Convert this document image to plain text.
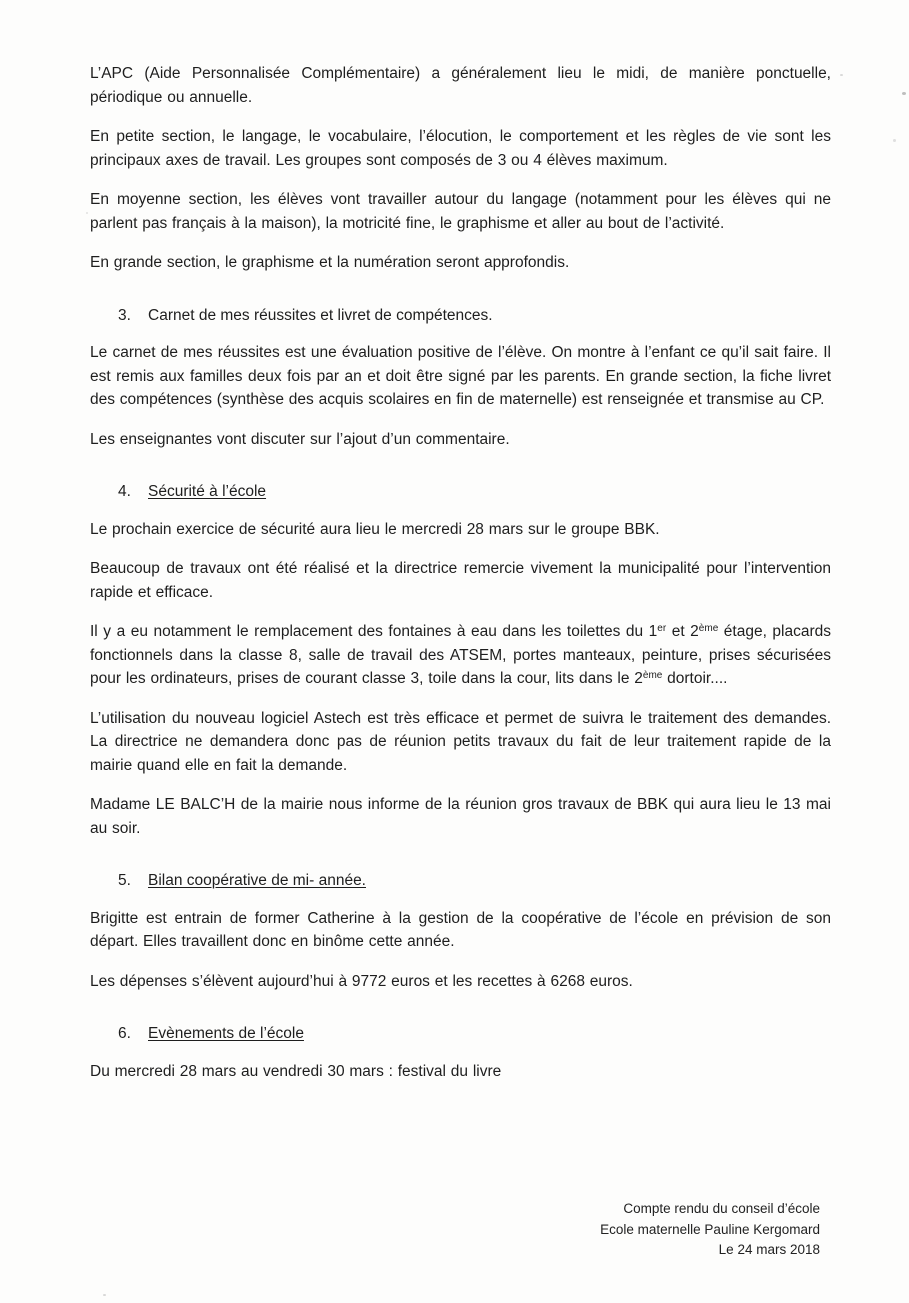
L’APC (Aide Personnalisée Complémentaire) a généralement lieu le midi, de manière ponctuelle, périodique ou annuelle.

En petite section, le langage, le vocabulaire, l’élocution, le comportement et les règles de vie sont les principaux axes de travail. Les groupes sont composés de 3 ou 4 élèves maximum.

En moyenne section, les élèves vont travailler autour du langage (notamment pour les élèves qui ne parlent pas français à la maison), la motricité fine, le graphisme et aller au bout de l’activité.

En grande section, le graphisme et la numération seront approfondis.

3. Carnet de mes réussites et livret de compétences.

Le carnet de mes réussites est une évaluation positive de l’élève. On montre à l’enfant ce qu’il sait faire. Il est remis aux familles deux fois par an et doit être signé par les parents. En grande section, la fiche livret des compétences (synthèse des acquis scolaires en fin de maternelle) est renseignée et transmise au CP.

Les enseignantes vont discuter sur l’ajout d’un commentaire.

4. Sécurité à l’école

Le prochain exercice de sécurité aura lieu le mercredi 28 mars sur le groupe BBK.

Beaucoup de travaux ont été réalisé et la directrice remercie vivement la municipalité pour l’intervention rapide et efficace.

Il y a eu notamment le remplacement des fontaines à eau dans les toilettes du 1er et 2ème étage, placards fonctionnels dans la classe 8, salle de travail des ATSEM, portes manteaux, peinture, prises sécurisées pour les ordinateurs, prises de courant classe 3, toile dans la cour, lits dans le 2ème dortoir....

L’utilisation du nouveau logiciel Astech est très efficace et permet de suivra le traitement des demandes. La directrice ne demandera donc pas de réunion petits travaux du fait de leur traitement rapide de la mairie quand elle en fait la demande.

Madame LE BALC’H de la mairie nous informe de la réunion gros travaux de BBK qui aura lieu le 13 mai au soir.

5. Bilan coopérative de mi- année.

Brigitte est entrain de former Catherine à la gestion de la coopérative de l’école en prévision de son départ. Elles travaillent donc en binôme cette année.

Les dépenses s’élèvent aujourd’hui à 9772 euros et les recettes à 6268 euros.

6. Evènements de l’école

Du mercredi 28 mars au vendredi 30 mars : festival du livre

Compte rendu du conseil d’école
Ecole maternelle Pauline Kergomard
Le 24 mars 2018
